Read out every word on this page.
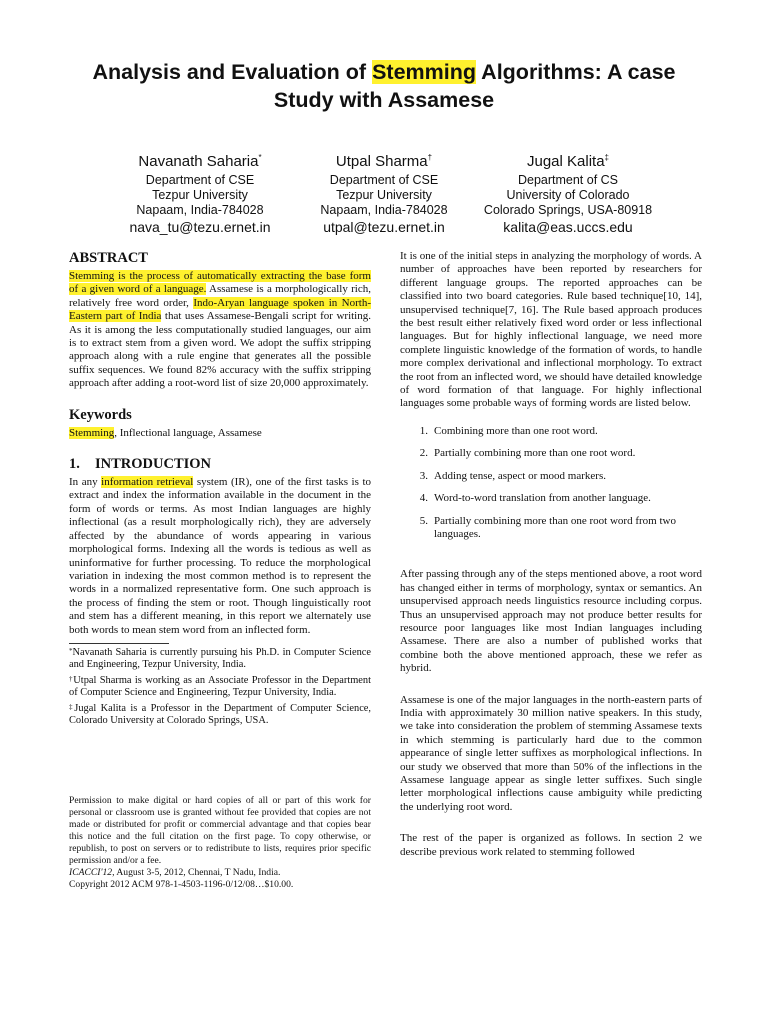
Analysis and Evaluation of Stemming Algorithms: A case Study with Assamese
Navanath Saharia*
Department of CSE
Tezpur University
Napaam, India-784028
nava_tu@tezu.ernet.in
Utpal Sharma†
Department of CSE
Tezpur University
Napaam, India-784028
utpal@tezu.ernet.in
Jugal Kalita‡
Department of CS
University of Colorado
Colorado Springs, USA-80918
kalita@eas.uccs.edu
ABSTRACT

Stemming is the process of automatically extracting the base form of a given word of a language. Assamese is a morphologically rich, relatively free word order, Indo-Aryan language spoken in North-Eastern part of India that uses Assamese-Bengali script for writing. As it is among the less computationally studied languages, our aim is to extract stem from a given word. We adopt the suffix stripping approach along with a rule engine that generates all the possible suffix sequences. We found 82% accuracy with the suffix stripping approach after adding a root-word list of size 20,000 approximately.

Keywords

Stemming, Inflectional language, Assamese

1. INTRODUCTION

In any information retrieval system (IR), one of the first tasks is to extract and index the information available in the document in the form of words or terms. As most Indian languages are highly inflectional (as a result morphologically rich), they are adversely affected by the abundance of words appearing in various morphological forms. Indexing all the words is tedious as well as uninformative for further processing. To reduce the morphological variation in indexing the most common method is to represent the words in a normalized representative form. One such approach is the process of finding the stem or root. Though linguistically root and stem has a different meaning, in this report we alternately use both words to mean stem word from an inflected form.

*Navanath Saharia is currently pursuing his Ph.D. in Computer Science and Engineering, Tezpur University, India.

†Utpal Sharma is working as an Associate Professor in the Department of Computer Science and Engineering, Tezpur University, India.

‡Jugal Kalita is a Professor in the Department of Computer Science, Colorado University at Colorado Springs, USA.

Permission to make digital or hard copies of all or part of this work for personal or classroom use is granted without fee provided that copies are not made or distributed for profit or commercial advantage and that copies bear this notice and the full citation on the first page. To copy otherwise, or republish, to post on servers or to redistribute to lists, requires prior specific permission and/or a fee.

ICACCI'12, August 3-5, 2012, Chennai, T Nadu, India.

Copyright 2012 ACM 978-1-4503-1196-0/12/08…$10.00.

It is one of the initial steps in analyzing the morphology of words. A number of approaches have been reported by researchers for different language groups. The reported approaches can be classified into two board categories. Rule based technique[10, 14], unsupervised technique[7, 16]. The Rule based approach produces the best result either relatively fixed word order or less inflectional languages. But for highly inflectional language, we need more complete linguistic knowledge of the formation of words, to handle more complex derivational and inflectional morphology. To extract the root from an inflected word, we should have detailed knowledge of word formation of that language. For highly inflectional languages some probable ways of forming words are listed below.

1. Combining more than one root word.
2. Partially combining more than one root word.
3. Adding tense, aspect or mood markers.
4. Word-to-word translation from another language.
5. Partially combining more than one root word from two languages.

After passing through any of the steps mentioned above, a root word has changed either in terms of morphology, syntax or semantics. An unsupervised approach needs linguistics resource including corpus. Thus an unsupervised approach may not produce better results for resource poor languages like most Indian languages including Assamese. There are also a number of published works that combine both the above mentioned approach, these we refer as hybrid.

Assamese is one of the major languages in the north-eastern parts of India with approximately 30 million native speakers. In this study, we take into consideration the problem of stemming Assamese texts in which stemming is particularly hard due to the common appearance of single letter suffixes as morphological inflections. In our study we observed that more than 50% of the inflections in the Assamese language appear as single letter suffixes. Such single letter morphological inflections cause ambiguity while predicting the underlying root word.

The rest of the paper is organized as follows. In section 2 we describe previous work related to stemming followed
